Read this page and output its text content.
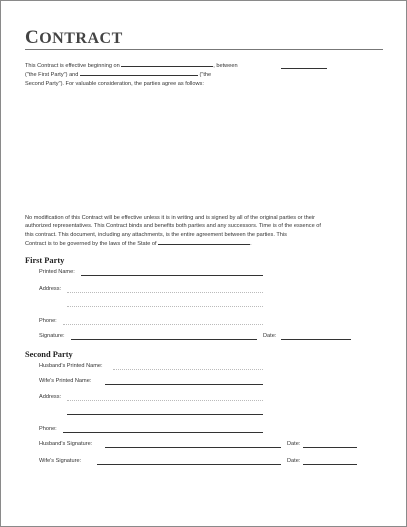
CONTRACT
This Contract is effective beginning on	, between
("the First Party") and	("the
Second Party"). For valuable consideration, the parties agree as follows:
No modification of this Contract will be effective unless it is in writing and is signed by all of the original parties or their
authorized representatives. This Contract binds and benefits both parties and any successors. Time is of the essence of
this contract. This document, including any attachments, is the entire agreement between the parties. This
Contract is to be governed by the laws of the State of	.
First Party
Printed Name:
Address:
Phone:
Signature:	Date:
Second Party
Husband's Printed Name:
Wife's Printed Name:
Address:
Phone:
Husband's Signature:	Date:
Wife's Signature:	Date:
